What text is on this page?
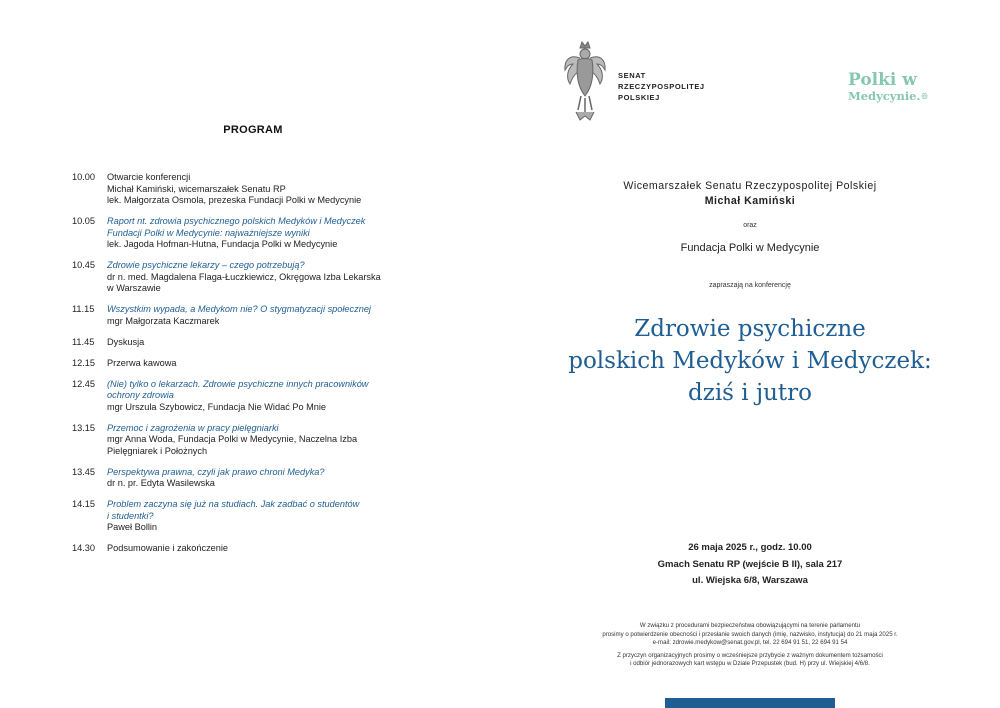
PROGRAM
10.00	Otwarcie konferencji
Michał Kamiński, wicemarszałek Senatu RP
lek. Małgorzata Osmola, prezeska Fundacji Polki w Medycynie
10.05	Raport nt. zdrowia psychicznego polskich Medyków i Medyczek
Fundacji Polki w Medycynie: najważniejsze wyniki
lek. Jagoda Hofman-Hutna, Fundacja Polki w Medycynie
10.45	Zdrowie psychiczne lekarzy – czego potrzebują?
dr n. med. Magdalena Flaga-Łuczkiewicz, Okręgowa Izba Lekarska
w Warszawie
11.15	Wszystkim wypada, a Medykom nie? O stygmatyzacji społecznej
mgr Małgorzata Kaczmarek
11.45	Dyskusja
12.15	Przerwa kawowa
12.45	(Nie) tylko o lekarzach. Zdrowie psychiczne innych pracowników
ochrony zdrowia
mgr Urszula Szybowicz, Fundacja Nie Widać Po Mnie
13.15	Przemoc i zagrożenia w pracy pielęgniarki
mgr Anna Woda, Fundacja Polki w Medycynie, Naczelna Izba
Pielęgniarek i Położnych
13.45	Perspektywa prawna, czyli jak prawo chroni Medyka?
dr n. pr. Edyta Wasilewska
14.15	Problem zaczyna się już na studiach. Jak zadbać o studentów
i studentki?
Paweł Bollin
14.30	Podsumowanie i zakończenie
SENAT
RZECZYPOSPOLITEJ
POLSKIEJ
Polki w
Medycynie.®
Wicemarszałek Senatu Rzeczypospolitej Polskiej
Michał Kamiński
oraz
Fundacja Polki w Medycynie
zapraszają na konferencję
Zdrowie psychiczne
polskich Medyków i Medyczek:
dziś i jutro
26 maja 2025 r., godz. 10.00
Gmach Senatu RP (wejście B II), sala 217
ul. Wiejska 6/8, Warszawa
W związku z procedurami bezpieczeństwa obowiązującymi na terenie parlamentu
prosimy o potwierdzenie obecności i przesłanie swoich danych (imię, nazwisko, instytucja) do 21 maja 2025 r.
e-mail: zdrowie.medykow@senat.gov.pl, tel. 22 694 91 51, 22 694 91 54
Z przyczyn organizacyjnych prosimy o wcześniejsze przybycie z ważnym dokumentem tożsamości
i odbiór jednorazowych kart wstępu w Dziale Przepustek (bud. H) przy ul. Wiejskiej 4/6/8.
